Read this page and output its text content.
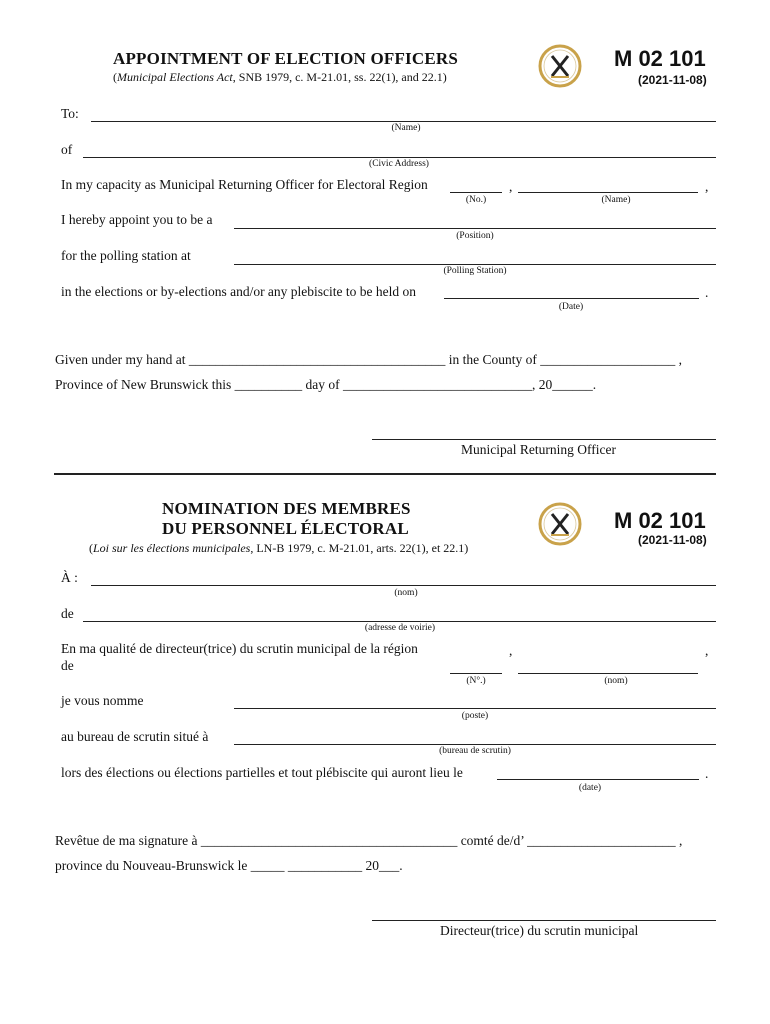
APPOINTMENT OF ELECTION OFFICERS
(Municipal Elections Act, SNB 1979, c. M-21.01, ss. 22(1), and 22.1)
M 02 101
(2021-11-08)
To:
(Name)
of
(Civic Address)
In my capacity as Municipal Returning Officer for Electoral Region	,	,
(No.)	(Name)
I hereby appoint you to be a
(Position)
for the polling station at
(Polling Station)
in the elections or by-elections and/or any plebiscite to be held on	.
(Date)
Given under my hand at ______________________________________ in the County of ____________________ ,
Province of New Brunswick this __________ day of ____________________________, 20______.
Municipal Returning Officer
NOMINATION DES MEMBRES
DU PERSONNEL ÉLECTORAL
(Loi sur les élections municipales, LN-B 1979, c. M-21.01, arts. 22(1), et 22.1)
M 02 101
(2021-11-08)
À :
(nom)
de
(adresse de voirie)
En ma qualité de directeur(trice) du scrutin municipal de la région
de
,	,
(N°.)	(nom)
je vous nomme
(poste)
au bureau de scrutin situé à
(bureau de scrutin)
lors des élections ou élections partielles et tout plébiscite qui auront lieu le	.
(date)
Revêtue de ma signature à ______________________________________ comté de/d’ ______________________ ,
province du Nouveau-Brunswick le _____ ___________ 20___.
Directeur(trice) du scrutin municipal
